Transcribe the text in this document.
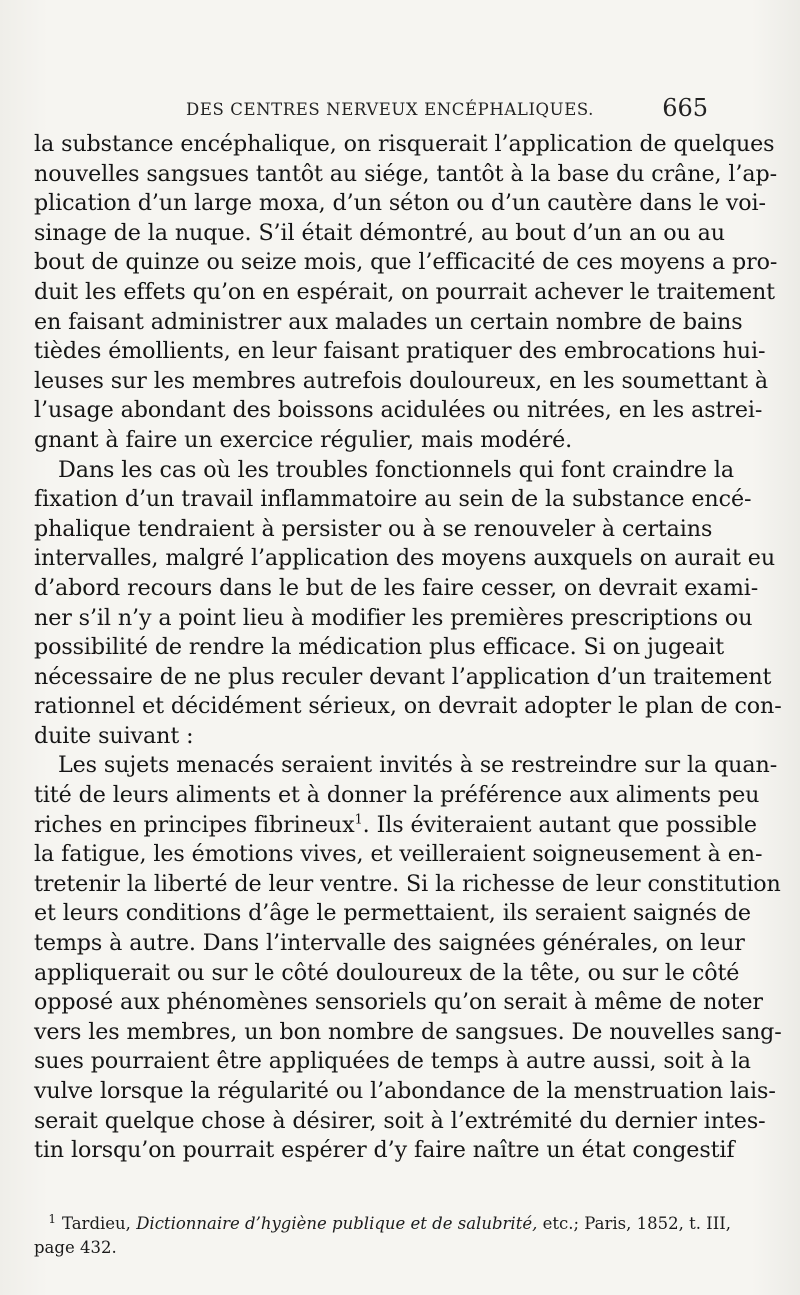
DES CENTRES NERVEUX ENCÉPHALIQUES.	665

la substance encéphalique, on risquerait l’application de quelques
nouvelles sangsues tantôt au siége, tantôt à la base du crâne, l’ap-
plication d’un large moxa, d’un séton ou d’un cautère dans le voi-
sinage de la nuque. S’il était démontré, au bout d’un an ou au
bout de quinze ou seize mois, que l’efficacité de ces moyens a pro-
duit les effets qu’on en espérait, on pourrait achever le traitement
en faisant administrer aux malades un certain nombre de bains
tièdes émollients, en leur faisant pratiquer des embrocations hui-
leuses sur les membres autrefois douloureux, en les soumettant à
l’usage abondant des boissons acidulées ou nitrées, en les astrei-
gnant à faire un exercice régulier, mais modéré.

Dans les cas où les troubles fonctionnels qui font craindre la
fixation d’un travail inflammatoire au sein de la substance encé-
phalique tendraient à persister ou à se renouveler à certains
intervalles, malgré l’application des moyens auxquels on aurait eu
d’abord recours dans le but de les faire cesser, on devrait exami-
ner s’il n’y a point lieu à modifier les premières prescriptions ou
possibilité de rendre la médication plus efficace. Si on jugeait
nécessaire de ne plus reculer devant l’application d’un traitement
rationnel et décidément sérieux, on devrait adopter le plan de con-
duite suivant :

Les sujets menacés seraient invités à se restreindre sur la quan-
tité de leurs aliments et à donner la préférence aux aliments peu
riches en principes fibrineux$^1$. Ils éviteraient autant que possible
la fatigue, les émotions vives, et veilleraient soigneusement à en-
tretenir la liberté de leur ventre. Si la richesse de leur constitution
et leurs conditions d’âge le permettaient, ils seraient saignés de
temps à autre. Dans l’intervalle des saignées générales, on leur
appliquerait ou sur le côté douloureux de la tête, ou sur le côté
opposé aux phénomènes sensoriels qu’on serait à même de noter
vers les membres, un bon nombre de sangsues. De nouvelles sang-
sues pourraient être appliquées de temps à autre aussi, soit à la
vulve lorsque la régularité ou l’abondance de la menstruation lais-
serait quelque chose à désirer, soit à l’extrémité du dernier intes-
tin lorsqu’on pourrait espérer d’y faire naître un état congestif

1 Tardieu, Dictionnaire d’hygiène publique et de salubrité, etc.; Paris, 1852, t. III,
page 432.
